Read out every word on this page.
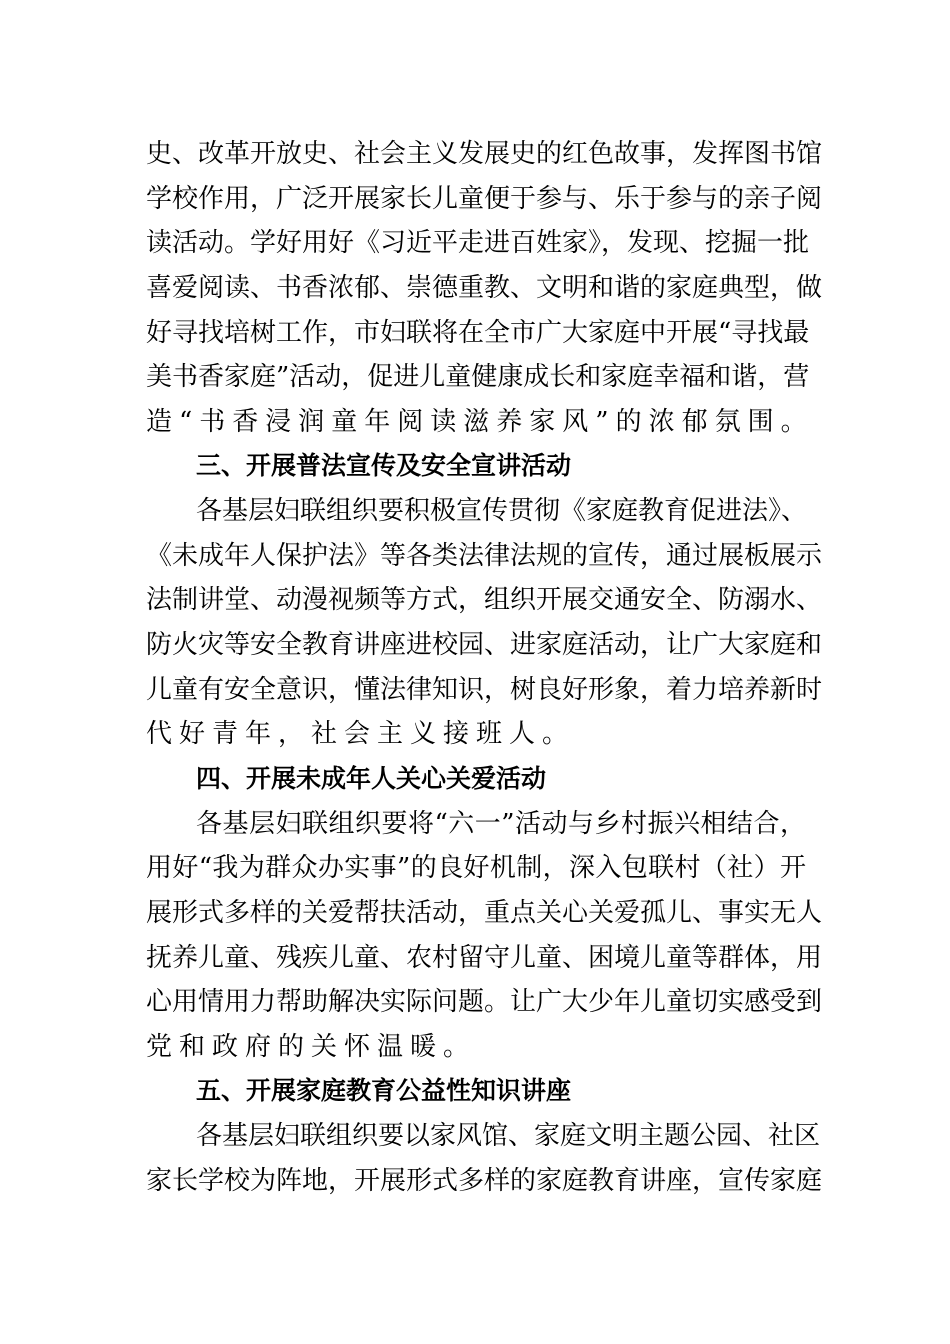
史、改革开放史、社会主义发展史的红色故事，发挥图书馆
学校作用，广泛开展家长儿童便于参与、乐于参与的亲子阅
读活动。学好用好《习近平走进百姓家》，发现、挖掘一批
喜爱阅读、书香浓郁、崇德重教、文明和谐的家庭典型，做
好寻找培树工作，市妇联将在全市广大家庭中开展“寻找最
美书香家庭”活动，促进儿童健康成长和家庭幸福和谐，营
造“书香浸润童年阅读滋养家风”的浓郁氛围。
三、开展普法宣传及安全宣讲活动
各基层妇联组织要积极宣传贯彻《家庭教育促进法》、
《未成年人保护法》等各类法律法规的宣传，通过展板展示
法制讲堂、动漫视频等方式，组织开展交通安全、防溺水、
防火灾等安全教育讲座进校园、进家庭活动，让广大家庭和
儿童有安全意识，懂法律知识，树良好形象，着力培养新时
代好青年，社会主义接班人。
四、开展未成年人关心关爱活动
各基层妇联组织要将“六一”活动与乡村振兴相结合，
用好“我为群众办实事”的良好机制，深入包联村（社）开
展形式多样的关爱帮扶活动，重点关心关爱孤儿、事实无人
抚养儿童、残疾儿童、农村留守儿童、困境儿童等群体，用
心用情用力帮助解决实际问题。让广大少年儿童切实感受到
党和政府的关怀温暖。
五、开展家庭教育公益性知识讲座
各基层妇联组织要以家风馆、家庭文明主题公园、社区
家长学校为阵地，开展形式多样的家庭教育讲座，宣传家庭
